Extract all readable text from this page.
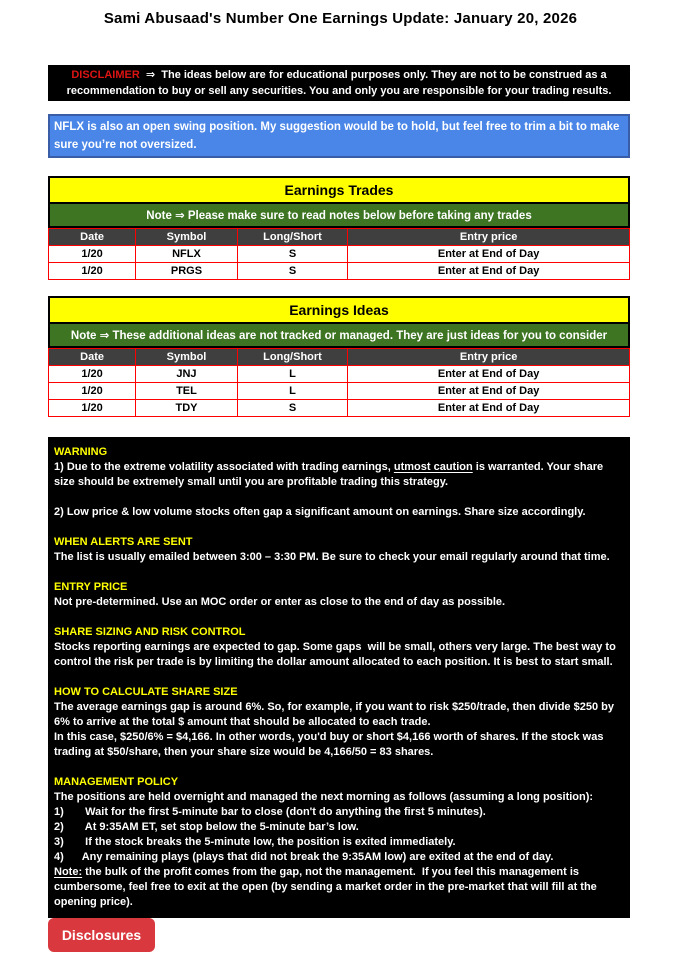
Sami Abusaad's Number One Earnings Update: January 20, 2026
DISCLAIMER  ⇒  The ideas below are for educational purposes only. They are not to be construed as a recommendation to buy or sell any securities. You and only you are responsible for your trading results.
NFLX is also an open swing position. My suggestion would be to hold, but feel free to trim a bit to make sure you’re not oversized.
Earnings Trades
Note ⇒ Please make sure to read notes below before taking any trades
Date	Symbol	Long/Short	Entry price
1/20	NFLX	S	Enter at End of Day
1/20	PRGS	S	Enter at End of Day
Earnings Ideas
Note ⇒ These additional ideas are not tracked or managed. They are just ideas for you to consider
Date	Symbol	Long/Short	Entry price
1/20	JNJ	L	Enter at End of Day
1/20	TEL	L	Enter at End of Day
1/20	TDY	S	Enter at End of Day
WARNING
1) Due to the extreme volatility associated with trading earnings, utmost caution is warranted. Your share size should be extremely small until you are profitable trading this strategy.
2) Low price & low volume stocks often gap a significant amount on earnings. Share size accordingly.
WHEN ALERTS ARE SENT
The list is usually emailed between 3:00 – 3:30 PM. Be sure to check your email regularly around that time.
ENTRY PRICE
Not pre-determined. Use an MOC order or enter as close to the end of day as possible.
SHARE SIZING AND RISK CONTROL
Stocks reporting earnings are expected to gap. Some gaps  will be small, others very large. The best way to control the risk per trade is by limiting the dollar amount allocated to each position. It is best to start small.
HOW TO CALCULATE SHARE SIZE
The average earnings gap is around 6%. So, for example, if you want to risk $250/trade, then divide $250 by 6% to arrive at the total $ amount that should be allocated to each trade.
In this case, $250/6% = $4,166. In other words, you'd buy or short $4,166 worth of shares. If the stock was trading at $50/share, then your share size would be 4,166/50 = 83 shares.
MANAGEMENT POLICY
The positions are held overnight and managed the next morning as follows (assuming a long position):
1)       Wait for the first 5-minute bar to close (don't do anything the first 5 minutes).
2)       At 9:35AM ET, set stop below the 5-minute bar’s low.
3)       If the stock breaks the 5-minute low, the position is exited immediately.
4)      Any remaining plays (plays that did not break the 9:35AM low) are exited at the end of day.
Note: the bulk of the profit comes from the gap, not the management.  If you feel this management is cumbersome, feel free to exit at the open (by sending a market order in the pre-market that will fill at the opening price).
Disclosures
